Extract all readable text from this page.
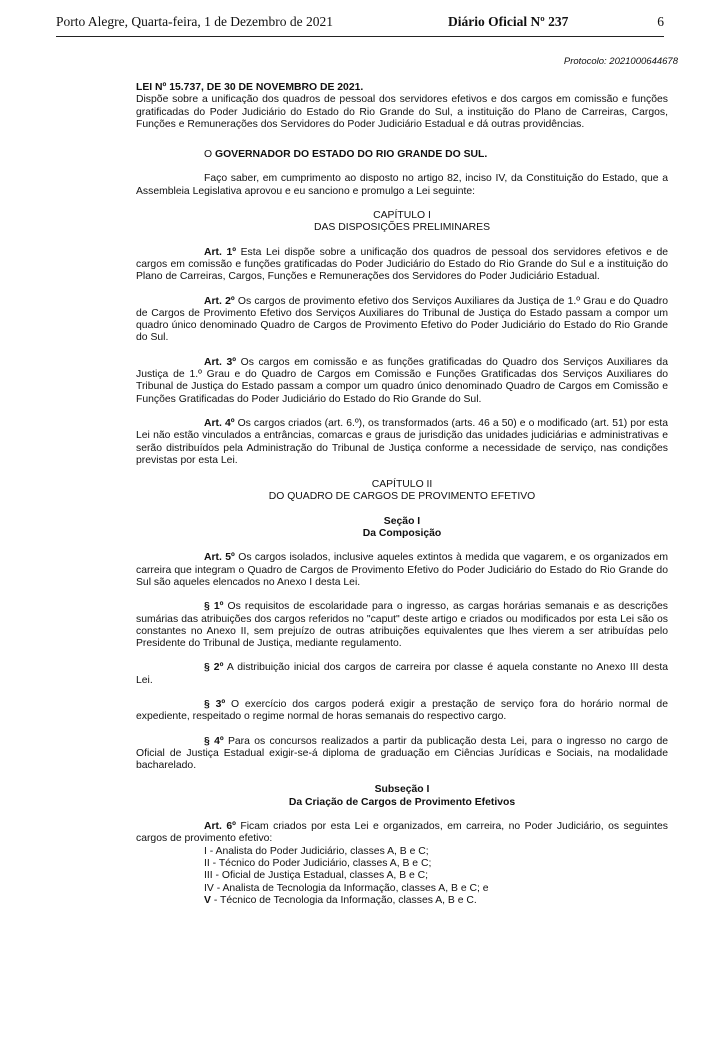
Porto Alegre, Quarta-feira, 1 de Dezembro de 2021	Diário Oficial Nº 237	6
Protocolo: 2021000644678

LEI Nº 15.737, DE 30 DE NOVEMBRO DE 2021.

Dispõe sobre a unificação dos quadros de pessoal dos servidores efetivos e dos cargos em comissão e funções gratificadas do Poder Judiciário do Estado do Rio Grande do Sul, a instituição do Plano de Carreiras, Cargos, Funções e Remunerações dos Servidores do Poder Judiciário Estadual e dá outras providências.

O GOVERNADOR DO ESTADO DO RIO GRANDE DO SUL.

Faço saber, em cumprimento ao disposto no artigo 82, inciso IV, da Constituição do Estado, que a Assembleia Legislativa aprovou e eu sanciono e promulgo a Lei seguinte:

CAPÍTULO I

DAS DISPOSIÇÕES PRELIMINARES

Art. 1º Esta Lei dispõe sobre a unificação dos quadros de pessoal dos servidores efetivos e de cargos em comissão e funções gratificadas do Poder Judiciário do Estado do Rio Grande do Sul e a instituição do Plano de Carreiras, Cargos, Funções e Remunerações dos Servidores do Poder Judiciário Estadual.

Art. 2º Os cargos de provimento efetivo dos Serviços Auxiliares da Justiça de 1.º Grau e do Quadro de Cargos de Provimento Efetivo dos Serviços Auxiliares do Tribunal de Justiça do Estado passam a compor um quadro único denominado Quadro de Cargos de Provimento Efetivo do Poder Judiciário do Estado do Rio Grande do Sul.

Art. 3º Os cargos em comissão e as funções gratificadas do Quadro dos Serviços Auxiliares da Justiça de 1.º Grau e do Quadro de Cargos em Comissão e Funções Gratificadas dos Serviços Auxiliares do Tribunal de Justiça do Estado passam a compor um quadro único denominado Quadro de Cargos em Comissão e Funções Gratificadas do Poder Judiciário do Estado do Rio Grande do Sul.

Art. 4º Os cargos criados (art. 6.º), os transformados (arts. 46 a 50) e o modificado (art. 51) por esta Lei não estão vinculados a entrâncias, comarcas e graus de jurisdição das unidades judiciárias e administrativas e serão distribuídos pela Administração do Tribunal de Justiça conforme a necessidade de serviço, nas condições previstas por esta Lei.

CAPÍTULO II

DO QUADRO DE CARGOS DE PROVIMENTO EFETIVO

Seção I

Da Composição

Art. 5º Os cargos isolados, inclusive aqueles extintos à medida que vagarem, e os organizados em carreira que integram o Quadro de Cargos de Provimento Efetivo do Poder Judiciário do Estado do Rio Grande do Sul são aqueles elencados no Anexo I desta Lei.

§ 1º Os requisitos de escolaridade para o ingresso, as cargas horárias semanais e as descrições sumárias das atribuições dos cargos referidos no "caput" deste artigo e criados ou modificados por esta Lei são os constantes no Anexo II, sem prejuízo de outras atribuições equivalentes que lhes vierem a ser atribuídas pelo Presidente do Tribunal de Justiça, mediante regulamento.

§ 2º A distribuição inicial dos cargos de carreira por classe é aquela constante no Anexo III desta Lei.

§ 3º O exercício dos cargos poderá exigir a prestação de serviço fora do horário normal de expediente, respeitado o regime normal de horas semanais do respectivo cargo.

§ 4º Para os concursos realizados a partir da publicação desta Lei, para o ingresso no cargo de Oficial de Justiça Estadual exigir-se-á diploma de graduação em Ciências Jurídicas e Sociais, na modalidade bacharelado.

Subseção I

Da Criação de Cargos de Provimento Efetivos

Art. 6º Ficam criados por esta Lei e organizados, em carreira, no Poder Judiciário, os seguintes cargos de provimento efetivo:

I - Analista do Poder Judiciário, classes A, B e C;
II - Técnico do Poder Judiciário, classes A, B e C;
III - Oficial de Justiça Estadual, classes A, B e C;
IV - Analista de Tecnologia da Informação, classes A, B e C; e
V - Técnico de Tecnologia da Informação, classes A, B e C.
